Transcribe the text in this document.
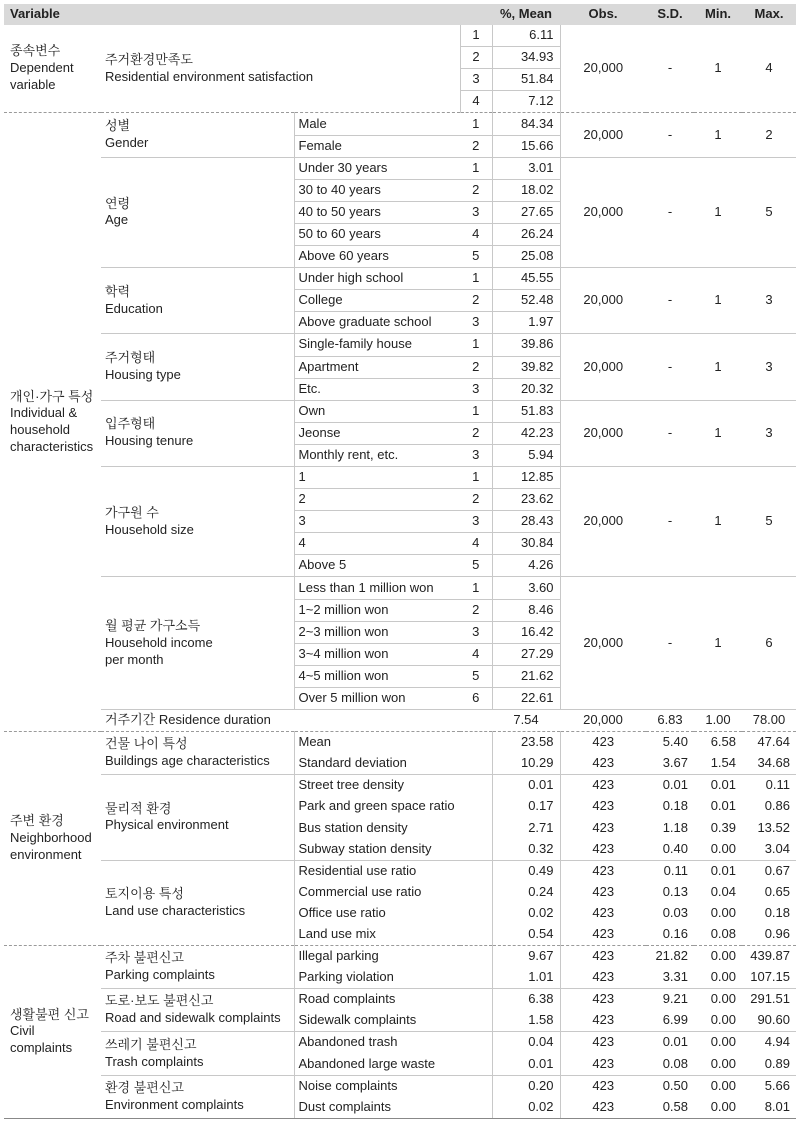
Variable				%, Mean	Obs.	S.D.	Min.	Max.
종속변수
Dependent
variable	주거환경만족도
Residential environment satisfaction		1	6.11	20,000	-	1	4
			2	34.93				
			3	51.84				
			4	7.12				
개인·가구 특성
Individual &
household
characteristics	성별
Gender	Male	1	84.34	20,000	-	1	2
		Female	2	15.66				
	연령
Age	Under 30 years	1	3.01	20,000	-	1	5
		30 to 40 years	2	18.02				
		40 to 50 years	3	27.65				
		50 to 60 years	4	26.24				
		Above 60 years	5	25.08				
	학력
Education	Under high school	1	45.55	20,000	-	1	3
		College	2	52.48				
		Above graduate school	3	1.97				
	주거형태
Housing type	Single-family house	1	39.86	20,000	-	1	3
		Apartment	2	39.82				
		Etc.	3	20.32				
	입주형태
Housing tenure	Own	1	51.83	20,000	-	1	3
		Jeonse	2	42.23				
		Monthly rent, etc.	3	5.94				
	가구원 수
Household size	1	1	12.85	20,000	-	1	5
		2	2	23.62				
		3	3	28.43				
		4	4	30.84				
		Above 5	5	4.26				
	월 평균 가구소득
Household income
per month	Less than 1 million won	1	3.60	20,000	-	1	6
		1~2 million won	2	8.46				
		2~3 million won	3	16.42				
		3~4 million won	4	27.29				
		4~5 million won	5	21.62				
		Over 5 million won	6	22.61				
	거주기간 Residence duration			7.54	20,000	6.83	1.00	78.00
주변 환경
Neighborhood
environment	건물 나이 특성
Buildings age characteristics	Mean		23.58	423	5.40	6.58	47.64
		Standard deviation		10.29	423	3.67	1.54	34.68
	물리적 환경
Physical environment	Street tree density		0.01	423	0.01	0.01	0.11
		Park and green space ratio		0.17	423	0.18	0.01	0.86
		Bus station density		2.71	423	1.18	0.39	13.52
		Subway station density		0.32	423	0.40	0.00	3.04
	토지이용 특성
Land use characteristics	Residential use ratio		0.49	423	0.11	0.01	0.67
		Commercial use ratio		0.24	423	0.13	0.04	0.65
		Office use ratio		0.02	423	0.03	0.00	0.18
		Land use mix		0.54	423	0.16	0.08	0.96
생활불편 신고
Civil
complaints	주차 불편신고
Parking complaints	Illegal parking		9.67	423	21.82	0.00	439.87
		Parking violation		1.01	423	3.31	0.00	107.15
	도로·보도 불편신고
Road and sidewalk complaints	Road complaints		6.38	423	9.21	0.00	291.51
		Sidewalk complaints		1.58	423	6.99	0.00	90.60
	쓰레기 불편신고
Trash complaints	Abandoned trash		0.04	423	0.01	0.00	4.94
		Abandoned large waste		0.01	423	0.08	0.00	0.89
	환경 불편신고
Environment complaints	Noise complaints		0.20	423	0.50	0.00	5.66
		Dust complaints		0.02	423	0.58	0.00	8.01
